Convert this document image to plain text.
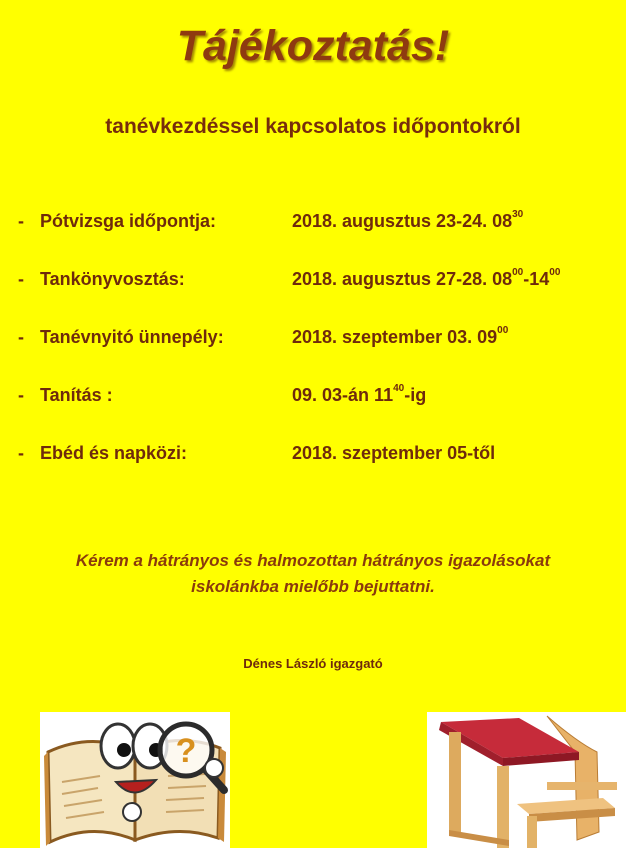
Tájékoztatás!
tanévkezdéssel kapcsolatos időpontokról
- Pótvizsga időpontja:	2018. augusztus 23-24. $08^{30}$
- Tankönyvosztás:	2018. augusztus 27-28. $08^{00}-14^{00}$
- Tanévnyitó ünnepély:	2018. szeptember 03. $09^{00}$
- Tanítás :	09. 03-án $11^{40}-ig$
- Ebéd és napközi:	2018. szeptember 05-től
Kérem a hátrányos és halmozottan hátrányos igazolásokat
iskolánkba mielőbb bejuttatni.
Dénes László igazgató
?
